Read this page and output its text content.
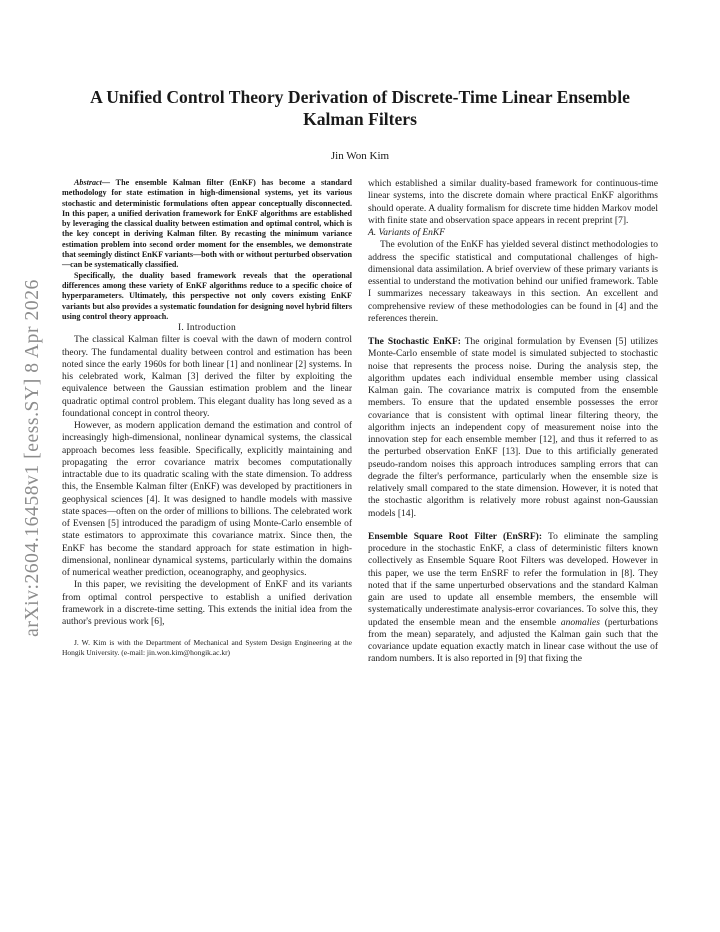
arXiv:2604.16458v1 [eess.SY] 8 Apr 2026
A Unified Control Theory Derivation of Discrete-Time Linear Ensemble Kalman Filters

Jin Won Kim

Abstract— The ensemble Kalman filter (EnKF) has become a standard methodology for state estimation in high-dimensional systems, yet its various stochastic and deterministic formulations often appear conceptually disconnected. In this paper, a unified derivation framework for EnKF algorithms are established by leveraging the classical duality between estimation and optimal control, which is the key concept in deriving Kalman filter. By recasting the minimum variance estimation problem into second order moment for the ensembles, we demonstrate that seemingly distinct EnKF variants—both with or without perturbed observation—can be systematically classified.

Specifically, the duality based framework reveals that the operational differences among these variety of EnKF algorithms reduce to a specific choice of hyperparameters. Ultimately, this perspective not only covers existing EnKF variants but also provides a systematic foundation for designing novel hybrid filters using control theory approach.

I. Introduction

The classical Kalman filter is coeval with the dawn of modern control theory. The fundamental duality between control and estimation has been noted since the early 1960s for both linear [1] and nonlinear [2] systems. In his celebrated work, Kalman [3] derived the filter by exploiting the equivalence between the Gaussian estimation problem and the linear quadratic optimal control problem. This elegant duality has long seved as a foundational concept in control theory.

However, as modern application demand the estimation and control of increasingly high-dimensional, nonlinear dynamical systems, the classical approach becomes less feasible. Specifically, explicitly maintaining and propagating the error covariance matrix becomes computationally intractable due to its quadratic scaling with the state dimension. To address this, the Ensemble Kalman filter (EnKF) was developed by practitioners in geophysical sciences [4]. It was designed to handle models with massive state spaces—often on the order of millions to billions. The celebrated work of Evensen [5] introduced the paradigm of using Monte-Carlo ensemble of state estimators to approximate this covariance matrix. Since then, the EnKF has become the standard approach for state estimation in high-dimensional, nonlinear dynamical systems, particularly within the domains of numerical weather prediction, oceanography, and geophysics.

In this paper, we revisiting the development of EnKF and its variants from optimal control perspective to establish a unified derivation framework in a discrete-time setting. This extends the initial idea from the author's previous work [6],

J. W. Kim is with the Department of Mechanical and System Design Engineering at the Hongik University. (e-mail: jin.won.kim@hongik.ac.kr)

which established a similar duality-based framework for continuous-time linear systems, into the discrete domain where practical EnKF algorithms should operate. A duality formalism for discrete time hidden Markov model with finite state and observation space appears in recent preprint [7].

A. Variants of EnKF

The evolution of the EnKF has yielded several distinct methodologies to address the specific statistical and computational challenges of high-dimensional data assimilation. A brief overview of these primary variants is essential to understand the motivation behind our unified framework. Table I summarizes necessary takeaways in this section. An excellent and comprehensive review of these methodologies can be found in [4] and the references therein.

The Stochastic EnKF: The original formulation by Evensen [5] utilizes Monte-Carlo ensemble of state model is simulated subjected to stochastic noise that represents the process noise. During the analysis step, the algorithm updates each individual ensemble member using classical Kalman gain. The covariance matrix is computed from the ensemble members. To ensure that the updated ensemble possesses the error covariance that is consistent with optimal linear filtering theory, the algorithm injects an independent copy of measurement noise into the innovation step for each ensemble member [12], and thus it referred to as the perturbed observation EnKF [13]. Due to this artificially generated pseudo-random noises this approach introduces sampling errors that can degrade the filter's performance, particularly when the ensemble size is relatively small compared to the state dimension. However, it is noted that the stochastic algorithm is relatively more robust against non-Gaussian models [14].

Ensemble Square Root Filter (EnSRF): To eliminate the sampling procedure in the stochastic EnKF, a class of deterministic filters known collectively as Ensemble Square Root Filters was developed. However in this paper, we use the term EnSRF to refer the formulation in [8]. They noted that if the same unperturbed observations and the standard Kalman gain are used to update all ensemble members, the ensemble will systematically underestimate analysis-error covariances. To solve this, they updated the ensemble mean and the ensemble anomalies (perturbations from the mean) separately, and adjusted the Kalman gain such that the covariance update equation exactly match in linear case without the use of random numbers. It is also reported in [9] that fixing the
